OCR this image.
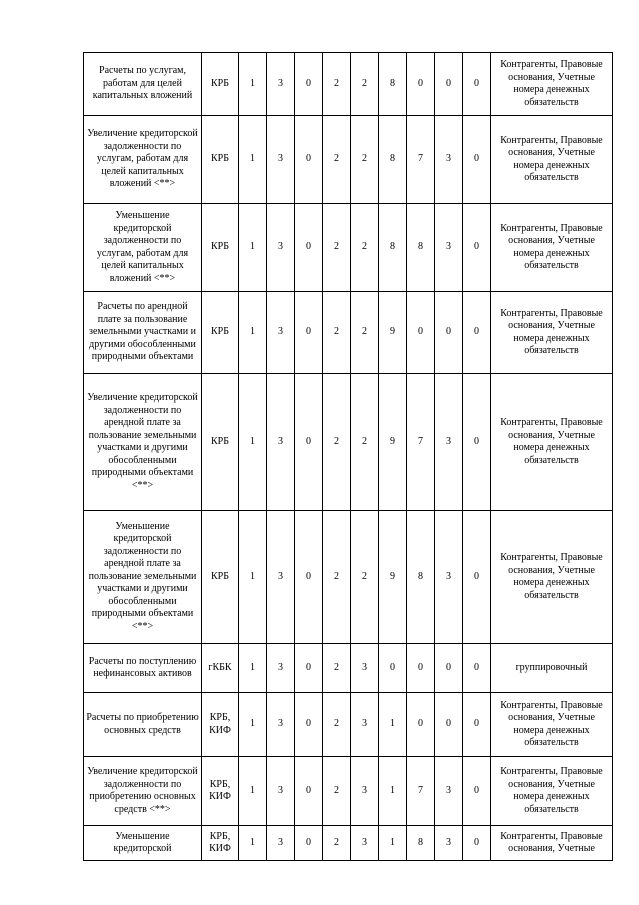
Расчеты по услугам, работам для целей капитальных вложений	КРБ	1	3	0	2	2	8	0	0	0	Контрагенты, Правовые основания, Учетные номера денежных обязательств
Увеличение кредиторской задолженности по услугам, работам для целей капитальных вложений <**>	КРБ	1	3	0	2	2	8	7	3	0	Контрагенты, Правовые основания, Учетные номера денежных обязательств
Уменьшение кредиторской задолженности по услугам, работам для целей капитальных вложений <**>	КРБ	1	3	0	2	2	8	8	3	0	Контрагенты, Правовые основания, Учетные номера денежных обязательств
Расчеты по арендной плате за пользование земельными участками и другими обособленными природными объектами	КРБ	1	3	0	2	2	9	0	0	0	Контрагенты, Правовые основания, Учетные номера денежных обязательств
Увеличение кредиторской задолженности по арендной плате за пользование земельными участками и другими обособленными природными объектами <**>	КРБ	1	3	0	2	2	9	7	3	0	Контрагенты, Правовые основания, Учетные номера денежных обязательств
Уменьшение кредиторской задолженности по арендной плате за пользование земельными участками и другими обособленными природными объектами <**>	КРБ	1	3	0	2	2	9	8	3	0	Контрагенты, Правовые основания, Учетные номера денежных обязательств
Расчеты по поступлению нефинансовых активов	гКБК	1	3	0	2	3	0	0	0	0	группировочный
Расчеты по приобретению основных средств	КРБ, КИФ	1	3	0	2	3	1	0	0	0	Контрагенты, Правовые основания, Учетные номера денежных обязательств
Увеличение кредиторской задолженности по приобретению основных средств <**>	КРБ, КИФ	1	3	0	2	3	1	7	3	0	Контрагенты, Правовые основания, Учетные номера денежных обязательств
Уменьшение кредиторской	КРБ, КИФ	1	3	0	2	3	1	8	3	0	Контрагенты, Правовые основания, Учетные
